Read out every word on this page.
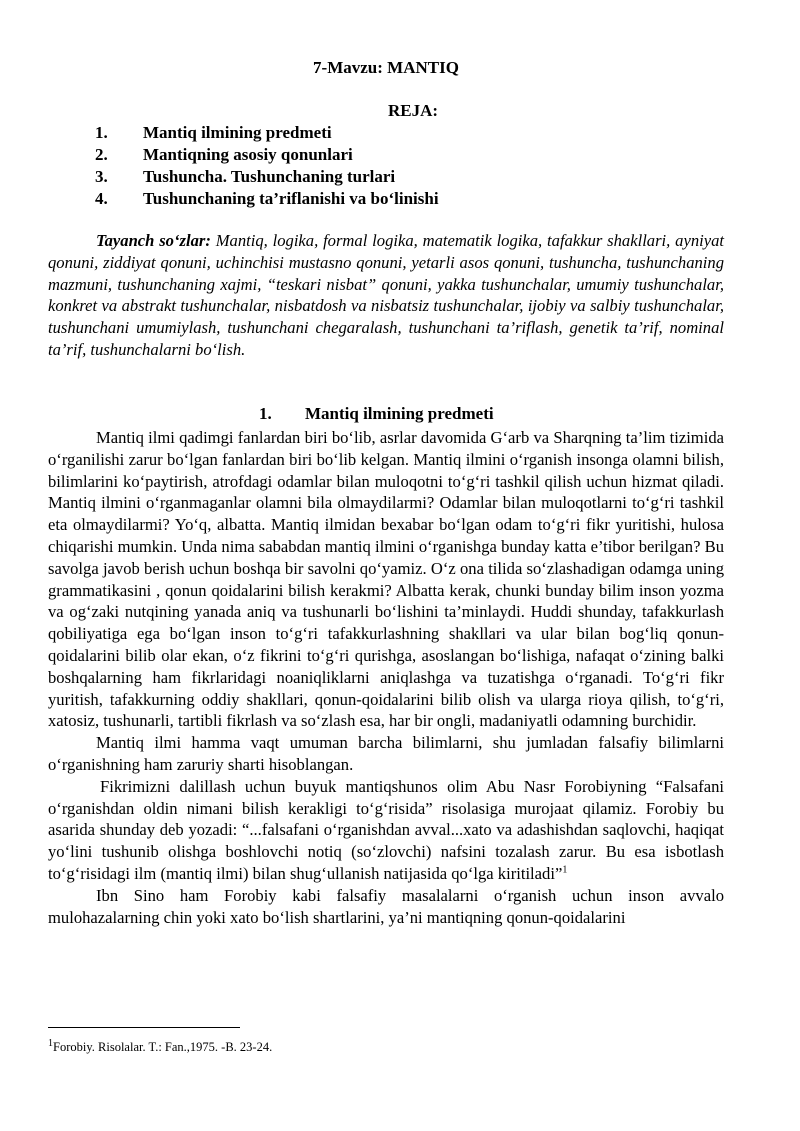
7-Mavzu: MANTIQ
REJA:
1.	Mantiq ilmining predmeti
2.	Mantiqning asosiy qonunlari
3.	Tushuncha. Tushunchaning turlari
4.	Tushunchaning ta’riflanishi va bo‘linishi
Tayanch so‘zlar: Mantiq, logika, formal logika, matematik logika, tafakkur shakllari, ayniyat qonuni, ziddiyat qonuni, uchinchisi mustasno qonuni, yetarli asos qonuni, tushuncha, tushunchaning mazmuni, tushunchaning xajmi, “teskari nisbat” qonuni, yakka tushunchalar, umumiy tushunchalar, konkret va abstrakt tushunchalar, nisbatdosh va nisbatsiz tushunchalar, ijobiy va salbiy tushunchalar, tushunchani umumiylash, tushunchani chegaralash, tushunchani ta’riflash, genetik ta’rif, nominal ta’rif, tushunchalarni bo‘lish.
1. Mantiq ilmining predmeti

Mantiq ilmi qadimgi fanlardan biri bo‘lib, asrlar davomida G‘arb va Sharqning ta’lim tizimida o‘rganilishi zarur bo‘lgan fanlardan biri bo‘lib kelgan. Mantiq ilmini o‘rganish insonga olamni bilish, bilimlarini ko‘paytirish, atrofdagi odamlar bilan muloqotni to‘g‘ri tashkil qilish uchun hizmat qiladi. Mantiq ilmini o‘rganmaganlar olamni bila olmaydilarmi? Odamlar bilan muloqotlarni to‘g‘ri tashkil eta olmaydilarmi? Yo‘q, albatta. Mantiq ilmidan bexabar bo‘lgan odam to‘g‘ri fikr yuritishi, hulosa chiqarishi mumkin. Unda nima sababdan mantiq ilmini o‘rganishga bunday katta e’tibor berilgan? Bu savolga javob berish uchun boshqa bir savolni qo‘yamiz. O‘z ona tilida so‘zlashadigan odamga uning grammatikasini , qonun qoidalarini bilish kerakmi? Albatta kerak, chunki bunday bilim inson yozma va og‘zaki nutqining yanada aniq va tushunarli bo‘lishini ta’minlaydi. Huddi shunday, tafakkurlash qobiliyatiga ega bo‘lgan inson to‘g‘ri tafakkurlashning shakllari va ular bilan bog‘liq qonun-qoidalarini bilib olar ekan, o‘z fikrini to‘g‘ri qurishga, asoslangan bo‘lishiga, nafaqat o‘zining balki boshqalarning ham fikrlaridagi noaniqliklarni aniqlashga va tuzatishga o‘rganadi. To‘g‘ri fikr yuritish, tafakkurning oddiy shakllari, qonun-qoidalarini bilib olish va ularga rioya qilish, to‘g‘ri, xatosiz, tushunarli, tartibli fikrlash va so‘zlash esa, har bir ongli, madaniyatli odamning burchidir.

Mantiq ilmi hamma vaqt umuman barcha bilimlarni, shu jumladan falsafiy bilimlarni o‘rganishning ham zaruriy sharti hisoblangan.

Fikrimizni dalillash uchun buyuk mantiqshunos olim Abu Nasr Forobiyning “Falsafani o‘rganishdan oldin nimani bilish kerakligi to‘g‘risida” risolasiga murojaat qilamiz. Forobiy bu asarida shunday deb yozadi: “...falsafani o‘rganishdan avval...xato va adashishdan saqlovchi, haqiqat yo‘lini tushunib olishga boshlovchi notiq (so‘zlovchi) nafsini tozalash zarur. Bu esa isbotlash to‘g‘risidagi ilm (mantiq ilmi) bilan shug‘ullanish natijasida qo‘lga kiritiladi”$^1$

Ibn Sino ham Forobiy kabi falsafiy masalalarni o‘rganish uchun inson avvalo mulohazalarning chin yoki xato bo‘lish shartlarini, ya’ni mantiqning qonun-qoidalarini

$^1$Forobiy. Risolalar. T.: Fan.,1975. -B. 23-24.
